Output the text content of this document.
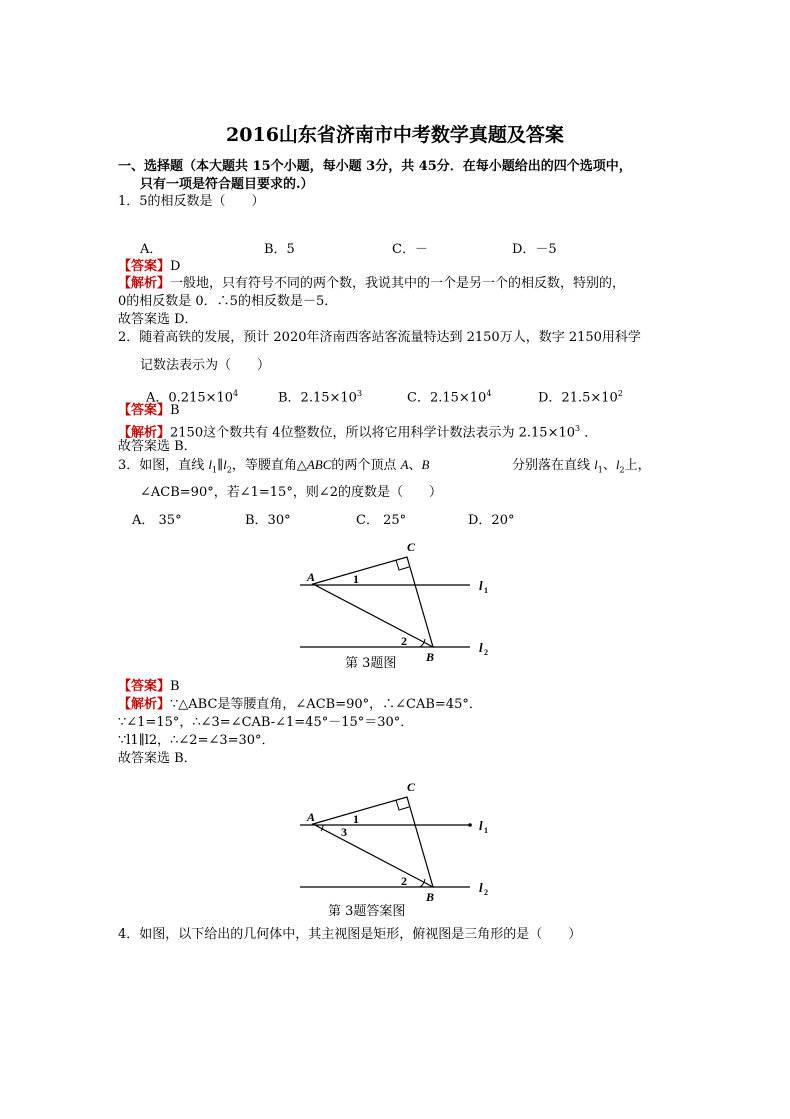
2016山东省济南市中考数学真题及答案
一、选择题（本大题共 15个小题，每小题 3分，共 45分．在每小题给出的四个选项中，
只有一项是符合题目要求的.）
1．5的相反数是（　　）
A．	B．5	C．－	D．－5
【答案】D
【解析】一般地，只有符号不同的两个数，我说其中的一个是另一个的相反数，特别的，
0的相反数是 0．∴5的相反数是－5．
故答案选 D．
2．随着高铁的发展，预计 2020年济南西客站客流量特达到 2150万人，数字 2150用科学
记数法表示为（　　）
A．$0.215\times 10^4$	B．$2.15\times 10^3$	C．$2.15\times 10^4$	D．$21.5\times 10^2$
【答案】B
【解析】2150这个数共有 4位整数位，所以将它用科学计数法表示为 $2.15\times 10^3$ ．
故答案选 B．
3．如图，直线 $l_1\parallel l_2$，等腰直角△ABC的两个顶点 A、B	分别落在直线 $l_1$、$l_2$上，
∠ACB=90°，若∠1=15°，则∠2的度数是（　　）
A． 35°	B．30°	C． 25°	D．20°
A
C
B
1
2
l 1
l 2
第 3题图
【答案】B
【解析】∵△ABC是等腰直角，∠ACB=90°，∴∠CAB=45°．
∵∠1=15°，∴∠3=∠CAB-∠1=45°－15°＝30°．
∵l1∥l2，∴∠2=∠3=30°．
故答案选 B．
A
C
B
1
3
2
l 1
l 2
第 3题答案图
4．如图，以下给出的几何体中，其主视图是矩形，俯视图是三角形的是（　　）
